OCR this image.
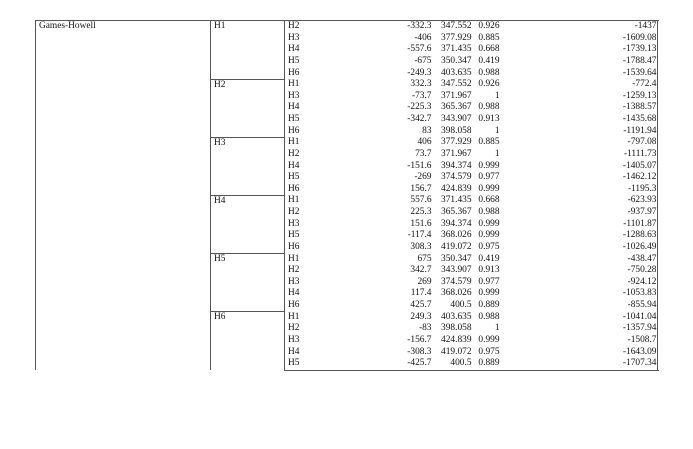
Games-Howell	H1	H2	-332.3	347.552	0.926		-1437	
		H3	-406	377.929	0.885		-1609.08	
		H4	-557.6	371.435	0.668		-1739.13	
		H5	-675	350.347	0.419		-1788.47	
		H6	-249.3	403.635	0.988		-1539.64	
	H2	H1	332.3	347.552	0.926		-772.4	
		H3	-73.7	371.967	1		-1259.13	
		H4	-225.3	365.367	0.988		-1388.57	
		H5	-342.7	343.907	0.913		-1435.68	
		H6	83	398.058	1		-1191.94	
	H3	H1	406	377.929	0.885		-797.08	
		H2	73.7	371.967	1		-1111.73	
		H4	-151.6	394.374	0.999		-1405.07	
		H5	-269	374.579	0.977		-1462.12	
		H6	156.7	424.839	0.999		-1195.3	
	H4	H1	557.6	371.435	0.668		-623.93	
		H2	225.3	365.367	0.988		-937.97	
		H3	151.6	394.374	0.999		-1101.87	
		H5	-117.4	368.026	0.999		-1288.63	
		H6	308.3	419.072	0.975		-1026.49	
	H5	H1	675	350.347	0.419		-438.47	
		H2	342.7	343.907	0.913		-750.28	
		H3	269	374.579	0.977		-924.12	
		H4	117.4	368.026	0.999		-1053.83	
		H6	425.7	400.5	0.889		-855.94	
	H6	H1	249.3	403.635	0.988		-1041.04	
		H2	-83	398.058	1		-1357.94	
		H3	-156.7	424.839	0.999		-1508.7	
		H4	-308.3	419.072	0.975		-1643.09	
		H5	-425.7	400.5	0.889		-1707.34	
